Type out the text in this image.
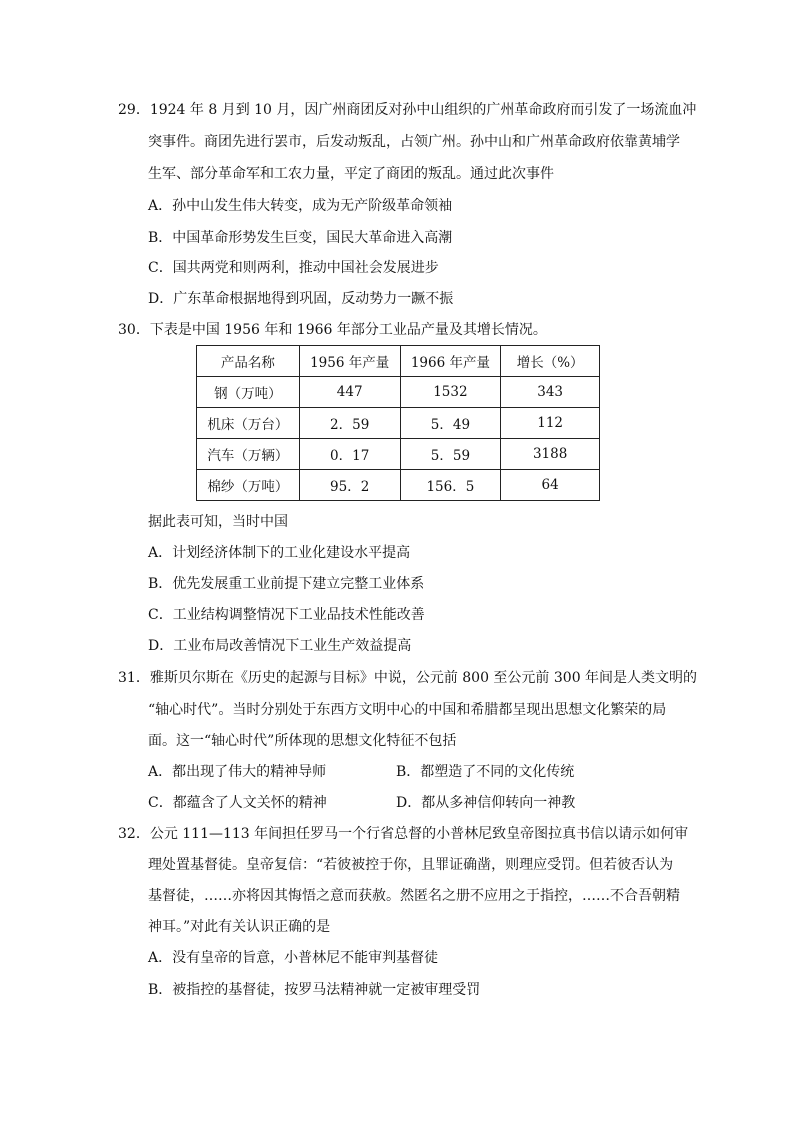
29．1924 年 8 月到 10 月，因广州商团反对孙中山组织的广州革命政府而引发了一场流血冲
突事件。商团先进行罢市，后发动叛乱，占领广州。孙中山和广州革命政府依靠黄埔学
生军、部分革命军和工农力量，平定了商团的叛乱。通过此次事件
A．孙中山发生伟大转变，成为无产阶级革命领袖
B．中国革命形势发生巨变，国民大革命进入高潮
C．国共两党和则两利，推动中国社会发展进步
D．广东革命根据地得到巩固，反动势力一蹶不振
30．下表是中国 1956 年和 1966 年部分工业品产量及其增长情况。
产品名称	1956 年产量	1966 年产量	增长（%）
钢（万吨）	447	1532	343
机床（万台）	2．59	5．49	112
汽车（万辆）	0．17	5．59	3188
棉纱（万吨）	95．2	156．5	64
据此表可知，当时中国
A．计划经济体制下的工业化建设水平提高
B．优先发展重工业前提下建立完整工业体系
C．工业结构调整情况下工业品技术性能改善
D．工业布局改善情况下工业生产效益提高
31．雅斯贝尔斯在《历史的起源与目标》中说，公元前 800 至公元前 300 年间是人类文明的
“轴心时代”。当时分别处于东西方文明中心的中国和希腊都呈现出思想文化繁荣的局
面。这一“轴心时代”所体现的思想文化特征不包括
A．都出现了伟大的精神导师	B．都塑造了不同的文化传统
C．都蕴含了人文关怀的精神	D．都从多神信仰转向一神教
32．公元 111—113 年间担任罗马一个行省总督的小普林尼致皇帝图拉真书信以请示如何审
理处置基督徒。皇帝复信：“若彼被控于你，且罪证确凿，则理应受罚。但若彼否认为
基督徒，……亦将因其悔悟之意而获赦。然匿名之册不应用之于指控，……不合吾朝精
神耳。”对此有关认识正确的是
A．没有皇帝的旨意，小普林尼不能审判基督徒
B．被指控的基督徒，按罗马法精神就一定被审理受罚
